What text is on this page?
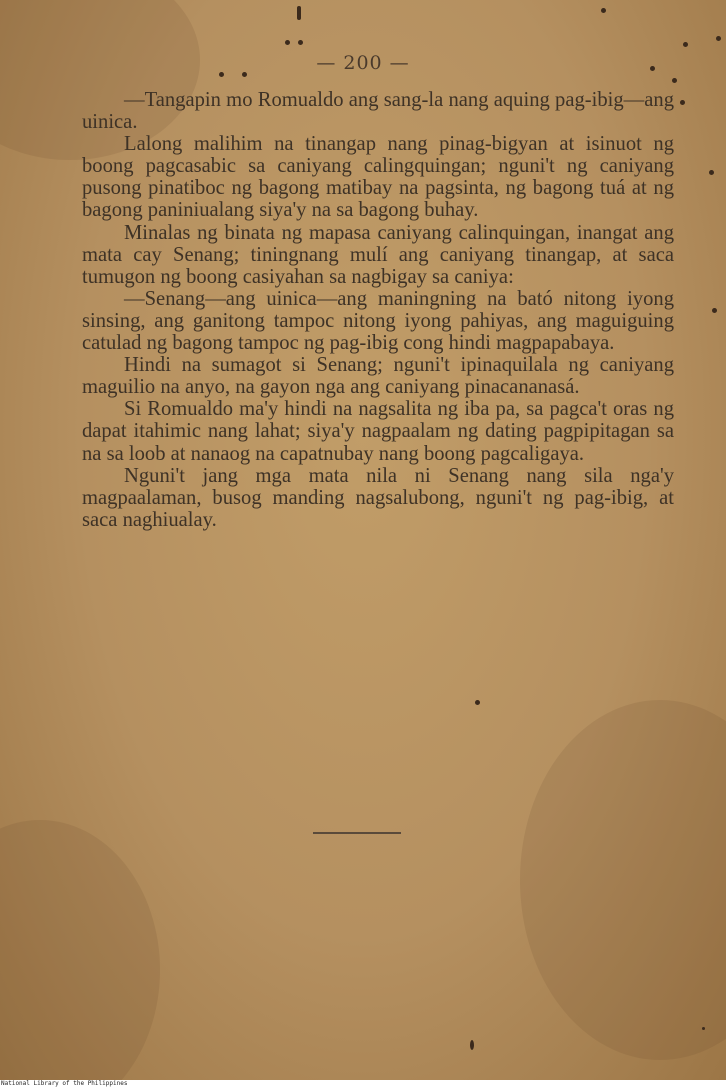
— 200 —

—Tangapin mo Romualdo ang sang-la nang aquing pag-ibig—ang uinica.

Lalong malihim na tinangap nang pinag-bigyan at isinuot ng boong pagcasabic sa caniyang calingquingan; nguni't ng caniyang pusong pinatiboc ng bagong matibay na pagsinta, ng bagong tuá at ng bagong paniniualang siya'y na sa bagong buhay.

Minalas ng binata ng mapasa caniyang calinquingan, inangat ang mata cay Senang; tiningnang mulí ang caniyang tinangap, at saca tumugon ng boong casiyahan sa nagbigay sa caniya:

—Senang—ang uinica—ang maningning na bató nitong iyong sinsing, ang ganitong tampoc nitong iyong pahiyas, ang maguiguing catulad ng bagong tampoc ng pag-ibig cong hindi magpapabaya.

Hindi na sumagot si Senang; nguni't ipinaquilala ng caniyang maguilio na anyo, na gayon nga ang caniyang pinacananasá.

Si Romualdo ma'y hindi na nagsalita ng iba pa, sa pagca't oras ng dapat itahimic nang lahat; siya'y nagpaalam ng dating pagpipitagan sa na sa loob at nanaog na capatnubay nang boong pagcaligaya.

Nguni't jang mga mata nila ni Senang nang sila nga'y magpaalaman, busog manding nagsalubong, nguni't ng pag-ibig, at saca naghiualay.

National Library of the Philippines
